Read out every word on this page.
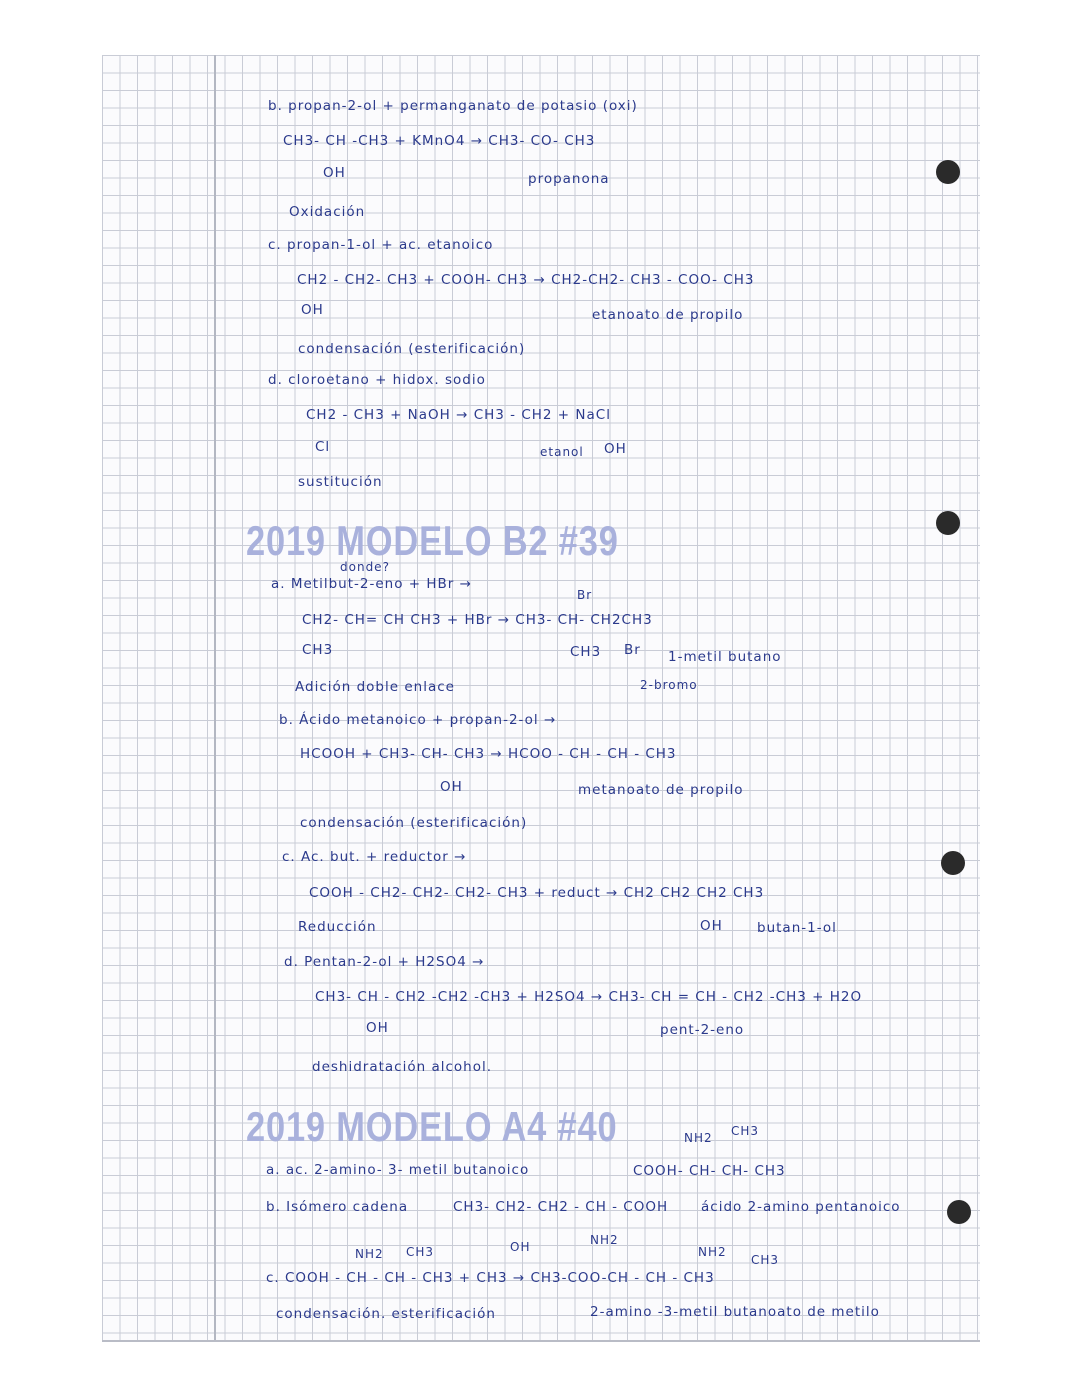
b. propan-2-ol + permanganato de potasio (oxi)
CH3- CH -CH3 + KMnO4 → CH3- CO- CH3
OH	propanona
Oxidación
c. propan-1-ol + ac. etanoico
CH2 - CH2- CH3 + COOH- CH3 → CH2-CH2- CH3 - COO- CH3
OH	etanoato de propilo
condensación (esterificación)
d. cloroetano + hidox. sodio
CH2 - CH3 + NaOH → CH3 - CH2 + NaCl
Cl	etanol OH
sustitución
2019 MODELO B2 #39
donde?
a. Metilbut-2-eno + HBr →
Br
CH2- CH= CH CH3 + HBr → CH3- CH- CH2CH3
CH3	CH3 Br 1-metil butano
2-bromo
Adición doble enlace
b. Ácido metanoico + propan-2-ol →
HCOOH + CH3- CH- CH3 → HCOO - CH - CH - CH3
OH	metanoato de propilo
condensación (esterificación)
c. Ac. but. + reductor →
COOH - CH2- CH2- CH2- CH3 + reduct → CH2 CH2 CH2 CH3
Reducción	OH	butan-1-ol
d. Pentan-2-ol + H2SO4 →
CH3- CH - CH2 -CH2 -CH3 + H2SO4 → CH3- CH = CH - CH2 -CH3 + H2O
OH	pent-2-eno
deshidratación alcohol.
2019 MODELO A4 #40	NH2 CH3
a. ac. 2-amino- 3- metil butanoico	COOH- CH- CH- CH3
b. Isómero cadena	CH3- CH2- CH2 - CH - COOH ácido 2-amino pentanoico
NH2
NH2 CH3	OH	NH2
CH3
c. COOH - CH - CH - CH3 + CH3 → CH3-COO-CH - CH - CH3
condensación. esterificación	2-amino -3-metil butanoato de metilo
